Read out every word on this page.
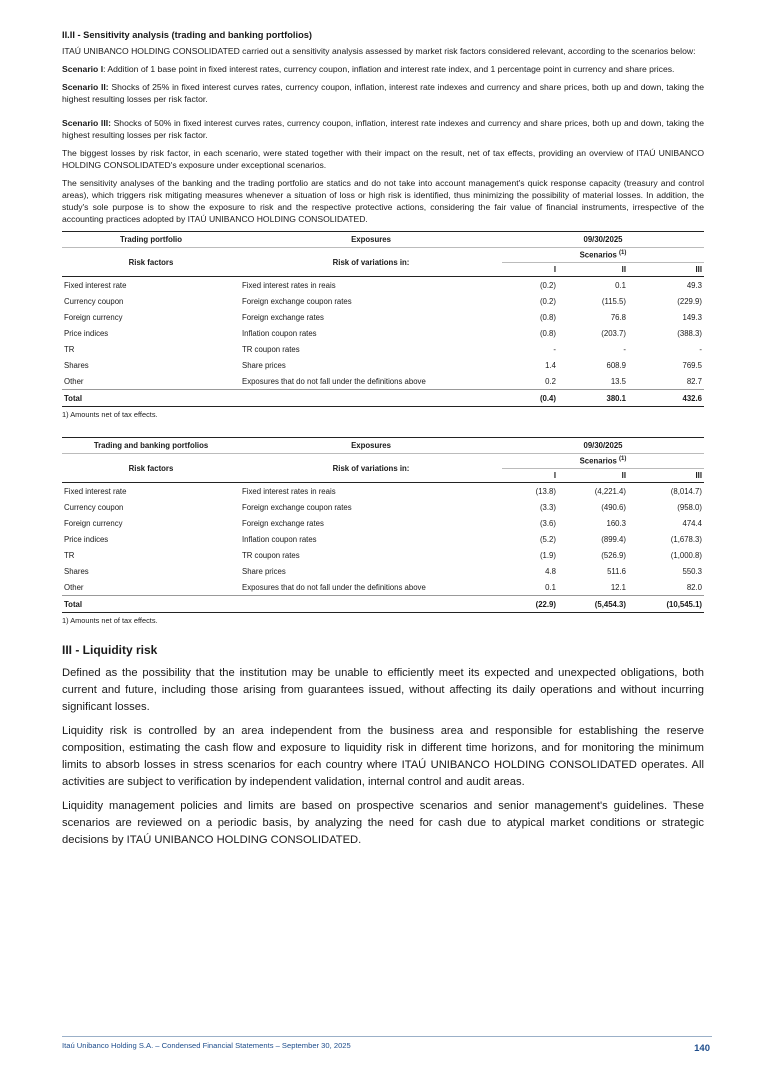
II.II - Sensitivity analysis (trading and banking portfolios)

ITAÚ UNIBANCO HOLDING CONSOLIDATED carried out a sensitivity analysis assessed by market risk factors considered relevant, according to the scenarios below:

Scenario I: Addition of 1 base point in fixed interest rates, currency coupon, inflation and interest rate index, and 1 percentage point in currency and share prices.

Scenario II: Shocks of 25% in fixed interest curves rates, currency coupon, inflation, interest rate indexes and currency and share prices, both up and down, taking the highest resulting losses per risk factor.

Scenario III: Shocks of 50% in fixed interest curves rates, currency coupon, inflation, interest rate indexes and currency and share prices, both up and down, taking the highest resulting losses per risk factor.

The biggest losses by risk factor, in each scenario, were stated together with their impact on the result, net of tax effects, providing an overview of ITAÚ UNIBANCO HOLDING CONSOLIDATED's exposure under exceptional scenarios.

The sensitivity analyses of the banking and the trading portfolio are statics and do not take into account management's quick response capacity (treasury and control areas), which triggers risk mitigating measures whenever a situation of loss or high risk is identified, thus minimizing the possibility of material losses. In addition, the study's sole purpose is to show the exposure to risk and the respective protective actions, considering the fair value of financial instruments, irrespective of the accounting practices adopted by ITAÚ UNIBANCO HOLDING CONSOLIDATED.

Trading portfolio	Exposures	09/30/2025		
Risk factors	Risk of variations in:	Scenarios $^{(1)}$
		I	II	III
Fixed interest rate	Fixed interest rates in reais	(0.2)	0.1	49.3
Currency coupon	Foreign exchange coupon rates	(0.2)	(115.5)	(229.9)
Foreign currency	Foreign exchange rates	(0.8)	76.8	149.3
Price indices	Inflation coupon rates	(0.8)	(203.7)	(388.3)
TR	TR coupon rates	-	-	-
Shares	Share prices	1.4	608.9	769.5
Other	Exposures that do not fall under the definitions above	0.2	13.5	82.7
Total		(0.4)	380.1	432.6
1) Amounts net of tax effects.
Trading and banking portfolios	Exposures	09/30/2025		
Risk factors	Risk of variations in:	Scenarios $^{(1)}$
		I	II	III
Fixed interest rate	Fixed interest rates in reais	(13.8)	(4,221.4)	(8,014.7)
Currency coupon	Foreign exchange coupon rates	(3.3)	(490.6)	(958.0)
Foreign currency	Foreign exchange rates	(3.6)	160.3	474.4
Price indices	Inflation coupon rates	(5.2)	(899.4)	(1,678.3)
TR	TR coupon rates	(1.9)	(526.9)	(1,000.8)
Shares	Share prices	4.8	511.6	550.3
Other	Exposures that do not fall under the definitions above	0.1	12.1	82.0
Total		(22.9)	(5,454.3)	(10,545.1)
1) Amounts net of tax effects.
III - Liquidity risk

Defined as the possibility that the institution may be unable to efficiently meet its expected and unexpected obligations, both current and future, including those arising from guarantees issued, without affecting its daily operations and without incurring significant losses.

Liquidity risk is controlled by an area independent from the business area and responsible for establishing the reserve composition, estimating the cash flow and exposure to liquidity risk in different time horizons, and for monitoring the minimum limits to absorb losses in stress scenarios for each country where ITAÚ UNIBANCO HOLDING CONSOLIDATED operates. All activities are subject to verification by independent validation, internal control and audit areas.

Liquidity management policies and limits are based on prospective scenarios and senior management's guidelines. These scenarios are reviewed on a periodic basis, by analyzing the need for cash due to atypical market conditions or strategic decisions by ITAÚ UNIBANCO HOLDING CONSOLIDATED.

Itaú Unibanco Holding S.A. – Condensed Financial Statements – September 30, 2025	140
